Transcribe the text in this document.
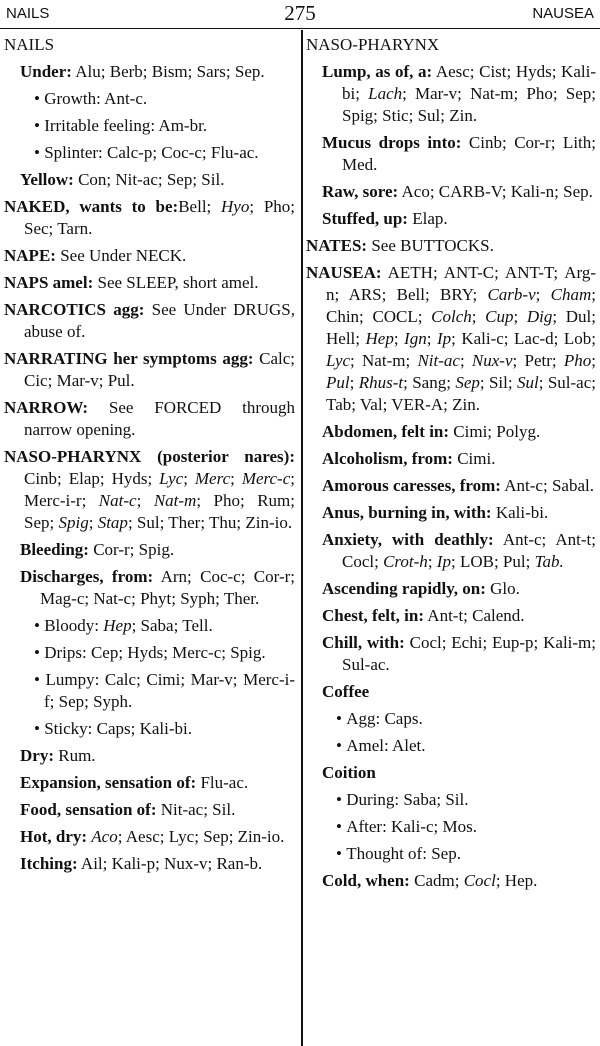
NAILS	275	NAUSEA
NAILS
Under: Alu; Berb; Bism; Sars; Sep.
• Growth: Ant-c.
• Irritable feeling: Am-br.
• Splinter: Calc-p; Coc-c; Flu-ac.
Yellow: Con; Nit-ac; Sep; Sil.
NAKED, wants to be:Bell; Hyo; Pho; Sec; Tarn.
NAPE: See Under NECK.
NAPS amel: See SLEEP, short amel.
NARCOTICS agg: See Under DRUGS, abuse of.
NARRATING her symptoms agg: Calc; Cic; Mar-v; Pul.
NARROW: See FORCED through narrow opening.
NASO-PHARYNX (posterior nares): Cinb; Elap; Hyds; Lyc; Merc; Merc-c; Merc-i-r; Nat-c; Nat-m; Pho; Rum; Sep; Spig; Stap; Sul; Ther; Thu; Zin-io.
Bleeding: Cor-r; Spig.
Discharges, from: Arn; Coc-c; Cor-r; Mag-c; Nat-c; Phyt; Syph; Ther.
• Bloody: Hep; Saba; Tell.
• Drips: Cep; Hyds; Merc-c; Spig.
• Lumpy: Calc; Cimi; Mar-v; Merc-i-f; Sep; Syph.
• Sticky: Caps; Kali-bi.
Dry: Rum.
Expansion, sensation of: Flu-ac.
Food, sensation of: Nit-ac; Sil.
Hot, dry: Aco; Aesc; Lyc; Sep; Zin-io.
Itching: Ail; Kali-p; Nux-v; Ran-b.
NASO-PHARYNX
Lump, as of, a: Aesc; Cist; Hyds; Kali-bi; Lach; Mar-v; Nat-m; Pho; Sep; Spig; Stic; Sul; Zin.
Mucus drops into: Cinb; Cor-r; Lith; Med.
Raw, sore: Aco; CARB-V; Kali-n; Sep.
Stuffed, up: Elap.
NATES: See BUTTOCKS.
NAUSEA: AETH; ANT-C; ANT-T; Arg-n; ARS; Bell; BRY; Carb-v; Cham; Chin; COCL; Colch; Cup; Dig; Dul; Hell; Hep; Ign; Ip; Kali-c; Lac-d; Lob; Lyc; Nat-m; Nit-ac; Nux-v; Petr; Pho; Pul; Rhus-t; Sang; Sep; Sil; Sul; Sul-ac; Tab; Val; VER-A; Zin.
Abdomen, felt in: Cimi; Polyg.
Alcoholism, from: Cimi.
Amorous caresses, from: Ant-c; Sabal.
Anus, burning in, with: Kali-bi.
Anxiety, with deathly: Ant-c; Ant-t; Cocl; Crot-h; Ip; LOB; Pul; Tab.
Ascending rapidly, on: Glo.
Chest, felt, in: Ant-t; Calend.
Chill, with: Cocl; Echi; Eup-p; Kali-m; Sul-ac.
Coffee
• Agg: Caps.
• Amel: Alet.
Coition
• During: Saba; Sil.
• After: Kali-c; Mos.
• Thought of: Sep.
Cold, when: Cadm; Cocl; Hep.
